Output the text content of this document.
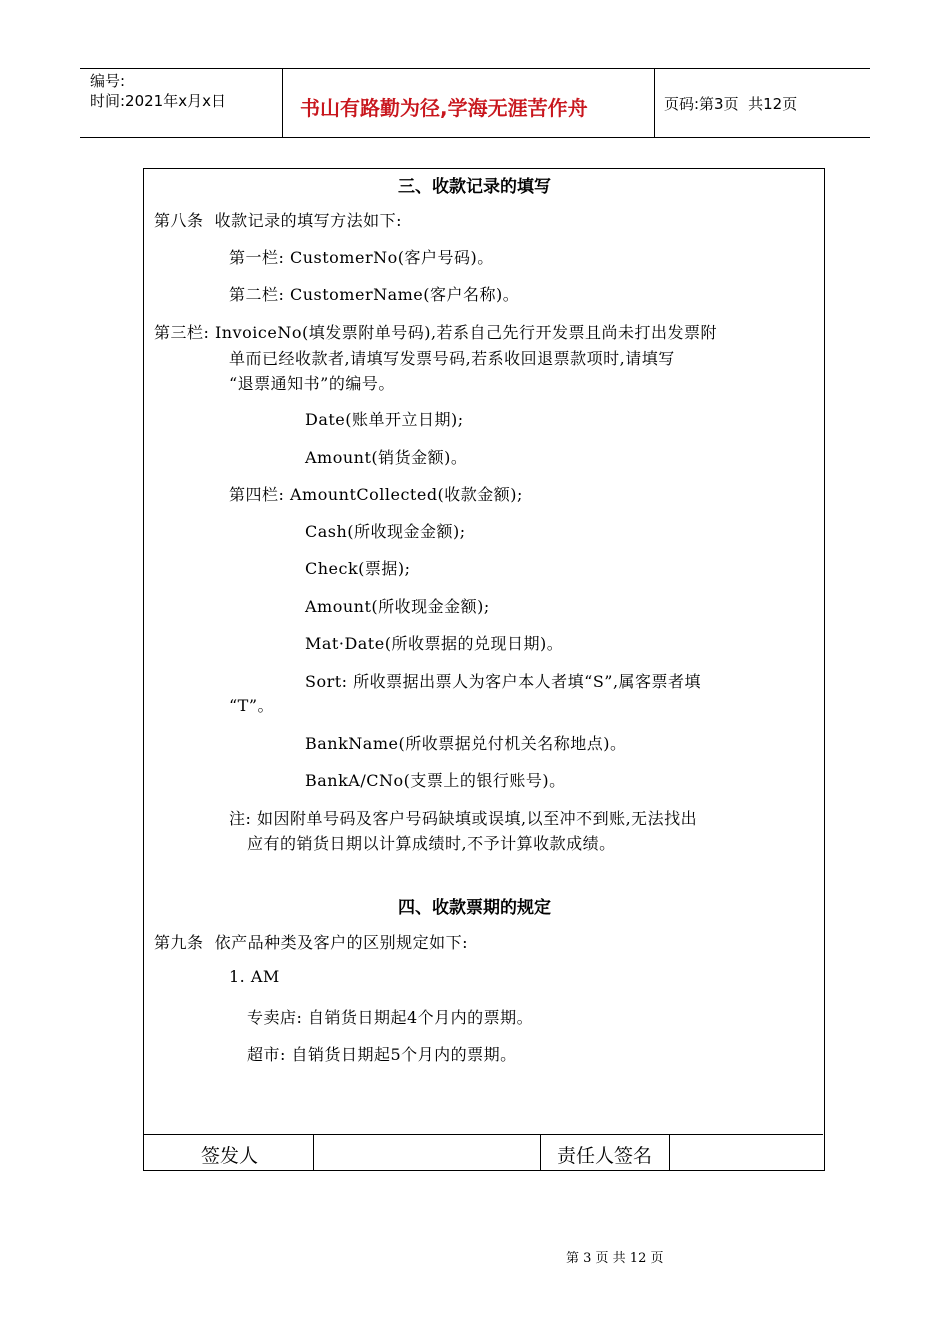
编号:
时间:2021年x月x日	书山有路勤为径,学海无涯苦作舟	页码:第3页  共12页
三、收款记录的填写
第八条  收款记录的填写方法如下:
第一栏: CustomerNo(客户号码)。
第二栏: CustomerName(客户名称)。
第三栏: InvoiceNo(填发票附单号码),若系自己先行开发票且尚未打出发票附
单而已经收款者,请填写发票号码,若系收回退票款项时,请填写
“退票通知书”的编号。
Date(账单开立日期);
Amount(销货金额)。
第四栏: AmountCollected(收款金额);
Cash(所收现金金额);
Check(票据);
Amount(所收现金金额);
Mat·Date(所收票据的兑现日期)。
Sort: 所收票据出票人为客户本人者填“S”,属客票者填
“T”。
BankName(所收票据兑付机关名称地点)。
BankA/CNo(支票上的银行账号)。
注: 如因附单号码及客户号码缺填或误填,以至冲不到账,无法找出
应有的销货日期以计算成绩时,不予计算收款成绩。
四、收款票期的规定
第九条  依产品种类及客户的区别规定如下:
1. AM
专卖店: 自销货日期起4个月内的票期。
超市: 自销货日期起5个月内的票期。
签发人	责任人签名
第 3 页 共 12 页
